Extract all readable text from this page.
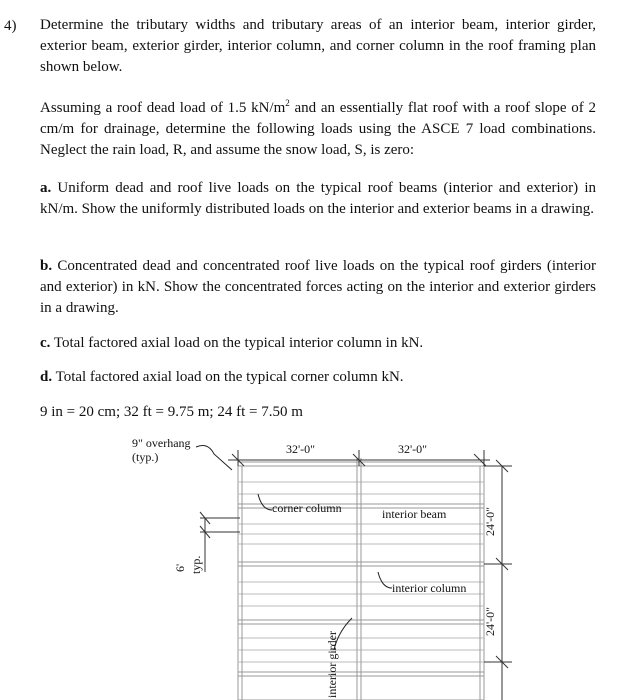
4) Determine the tributary widths and tributary areas of an interior beam, interior girder, exterior beam, exterior girder, interior column, and corner column in the roof framing plan shown below.

Assuming a roof dead load of 1.5 $kN/m^2$ and an essentially flat roof with a roof slope of 2 cm/m for drainage, determine the following loads using the ASCE 7 load combinations. Neglect the rain load, R, and assume the snow load, S, is zero:

a. Uniform dead and roof live loads on the typical roof beams (interior and exterior) in kN/m. Show the uniformly distributed loads on the interior and exterior beams in a drawing.

b. Concentrated dead and concentrated roof live loads on the typical roof girders (interior and exterior) in kN. Show the concentrated forces acting on the interior and exterior girders in a drawing.

c. Total factored axial load on the typical interior column in kN.

d. Total factored axial load on the typical corner column kN.

9 in = 20 cm; 32 ft = 9.75 m; 24 ft = 7.50 m

9" overhang
(typ.)
32'-0"	32'-0"
corner column	interior beam
interior column
24'-0"
24'-0"
6' typ.
interior girder
